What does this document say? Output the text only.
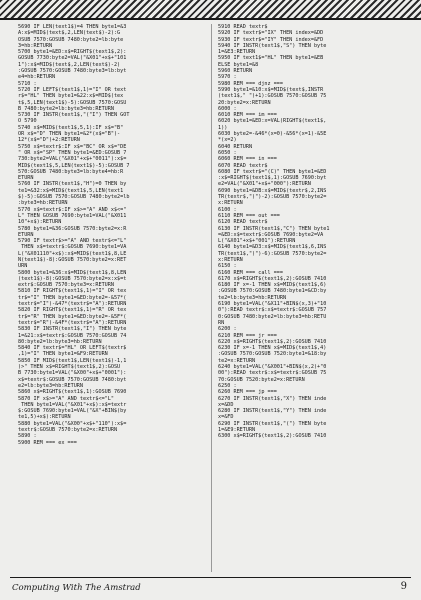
5690 IF LEN(text1$)=4 THEN byte1=&3
A:x$=MID$(text$,2,LEN(text$)-2):G
OSUB 7570:GOSUB 7480:byte2=lb:byte
3=hb:RETURN
5700 byte1=&ED:x$=RIGHT$(text1$,2):
GOSUB 7730:byte2=VAL("&X01"+x$+"101
1"):x$=MID$(text$,2,LEN(text$)-2)
:GOSUB 7570:GOSUB 7480:byte3=lb:byt
e4=hb:RETURN
5710 :
5720 IF LEFT$(text1$,1)="I" OR text
r$="HL" THEN byte1=&22:x$=MID$(tex
t$,5,LEN(text1$)-5):GOSUB 7570:GOSU
B 7480:byte2=lb:byte3=hb:RETURN
5730 IF INSTR(text1$,"("I") THEN GOT
O 5790
5740 x$=MID$(text1$,5,1):IF x$="B"
OR x$="D" THEN byte1=&2*(x$="B")-
12*(x$="D")+2:RETURN
5750 x$=textr$:IF x$="BC" OR x$="DE
" OR x$="SP" THEN byte1=&ED:GOSUB 7
730:byte2=VAL("&X01"+x$+"0011"):x$=
MID$(text1$,5,LEN(text1$)-5):GOSUB 7
570:GOSUB 7480:byte3=lb:byte4=hb:R
ETURN
5760 IF INSTR(text1$,"H")=0 THEN by
te1=&32:x$=MID$(text1$,5,LEN(text1
$)-5):GOSUB 7570:GOSUB 7480:byte2=lb
:byte3=hb:RETURN
5770 x$=textr$:IF x$>="A" AND x$<="
L" THEN GOSUB 7690:byte1=VAL("&X011
10"+x$):RETURN
5780 byte1=&36:GOSUB 7570:byte2=x:R
ETURN
5790 IF textr$>="A" AND textr$<="L"
THEN x$=textr$:GOSUB 7690:byte1=VA
L("&X01110"+x$):x$=MID$(text1$,8,LE
N(text1$)-8):GOSUB 7570:byte2=x:RET
URN
5800 byte1=&36:x$=MID$(text1$,8,LEN
(text1$)-8):GOSUB 7570:byte2=x:x$=t
extr$:GOSUB 7570:byte3=x:RETURN
5810 IF RIGHT$(text1$,1)="I" OR tex
tr$="I" THEN byte1=&ED:byte2=-&57*(
textr$="I")-&47*(textr$="A"):RETURN
5820 IF RIGHT$(text1$,1)="R" OR tex
tr$="R" THEN byte1=&ED:byte2=-&5F*(
textr$="R")-&4F*(textr$="A"):RETURN
5830 IF INSTR(text1$,"I") THEN byte
1=&21:x$=textr$:GOSUB 7570:GOSUB 74
80:byte2=lb:byte3=hb:RETURN
5840 IF textr$="HL" OR LEFT$(textr$
,1)="I" THEN byte1=&F9:RETURN
5850 IF MID$(text1$,LEN(text1$)-1,1
)>" THEN x$=RIGHT$(text1$,2):GOSU
B 7730:byte1=VAL("&X00"+x$+"0001"):
x$=textr$:GOSUB 7570:GOSUB 7480:byt
e2=lb:byte3=hb:RETURN
5860 x$=RIGHT$(text1$,1):GOSUB 7690
5870 IF x$>="A" AND textr$<="L"
THEN byte1=VAL("&X01"+x$):x$=textr
$:GOSUB 7690:byte1=VAL("&X"+BIN$(by
te1,5)+x$):RETURN
5880 byte1=VAL("&X00"+x$+"110"):x$=
textr$:GOSUB 7570:byte2=x:RETURN
5890 :
5900 REM === ex ===
5910 READ textr$
5920 IF textr$="IX" THEN index=&DD
5930 IF textr$="IY" THEN index=&FD
5940 IF INSTR(text1$,"S") THEN byte
1=&E3:RETURN
5950 IF text1$="HL" THEN byte1=&EB
ELSE byte1=&8
5960 RETURN
5970 :
5980 REM === djnz ===
5990 byte1=&10:x$=MID$(text$,INSTR
(text1$," ")+1):GOSUB 7570:GOSUB 75
20:byte2=x:RETURN
6000 :
6010 REM === im ===
6020 byte1=&ED:x=VAL(RIGHT$(text1$,
1))
6030 byte2=-&46*(x=0)-&56*(x=1)-&5E
*(x=2)
6040 RETURN
6050 :
6060 REM === in ===
6070 READ textr$
6080 IF textr$="(C)" THEN byte1=&ED
:x$=RIGHT$(text1$,1):GOSUB 7690:byt
e2=VAL("&X01"+x$+"000"):RETURN
6090 byte1=&DB:x$=MID$(textr$,2,INS
TR(textr$,")")-2):GOSUB 7570:byte2=
x:RETURN
6100 :
6110 REM === out ===
6120 READ textr$
6130 IF INSTR(text1$,"C") THEN byte1
=&ED:x$=textr$:GOSUB 7690:byte2=VA
L("&X01"+x$+"001"):RETURN
6140 byte1=&D3:x$=MID$(text1$,6,INS
TR(text1$,")")-6):GOSUB 7570:byte2=
x:RETURN
6150 :
6160 REM === call ===
6170 x$=RIGHT$(text1$,2):GOSUB 7410
6180 IF x=-1 THEN x$=MID$(text1$,6)
:GOSUB 7570:GOSUB 7480:byte1=&CD:by
te2=lb:byte3=hb:RETURN
6190 byte1=VAL("&X11"+BIN$(x,3)+"10
0"):READ textr$:x$=textr$:GOSUB 757
0:GOSUB 7480:byte2=lb:byte3=hb:RETU
RN
6200 :
6210 REM === jr ===
6220 x$=RIGHT$(text1$,2):GOSUB 7410
6230 IF x=-1 THEN x$=MID$(text1$,4)
:GOSUB 7570:GOSUB 7520:byte1=&18:by
te2=x:RETURN
6240 byte1=VAL("&X001"+BIN$(x,2)+"0
00"):READ textr$:x$=textr$:GOSUB 75
70:GOSUB 7520:byte2=x:RETURN
6250 :
6260 REM === jp ===
6270 IF INSTR(text1$,"X") THEN inde
x=&DD
6280 IF INSTR(text1$,"Y") THEN inde
x=&FD
6290 IF INSTR(text1$,"(") THEN byte
1=&E9:RETURN
6300 x$=RIGHT$(text1$,2):GOSUB 7410
Computing With The Amstrad	9
